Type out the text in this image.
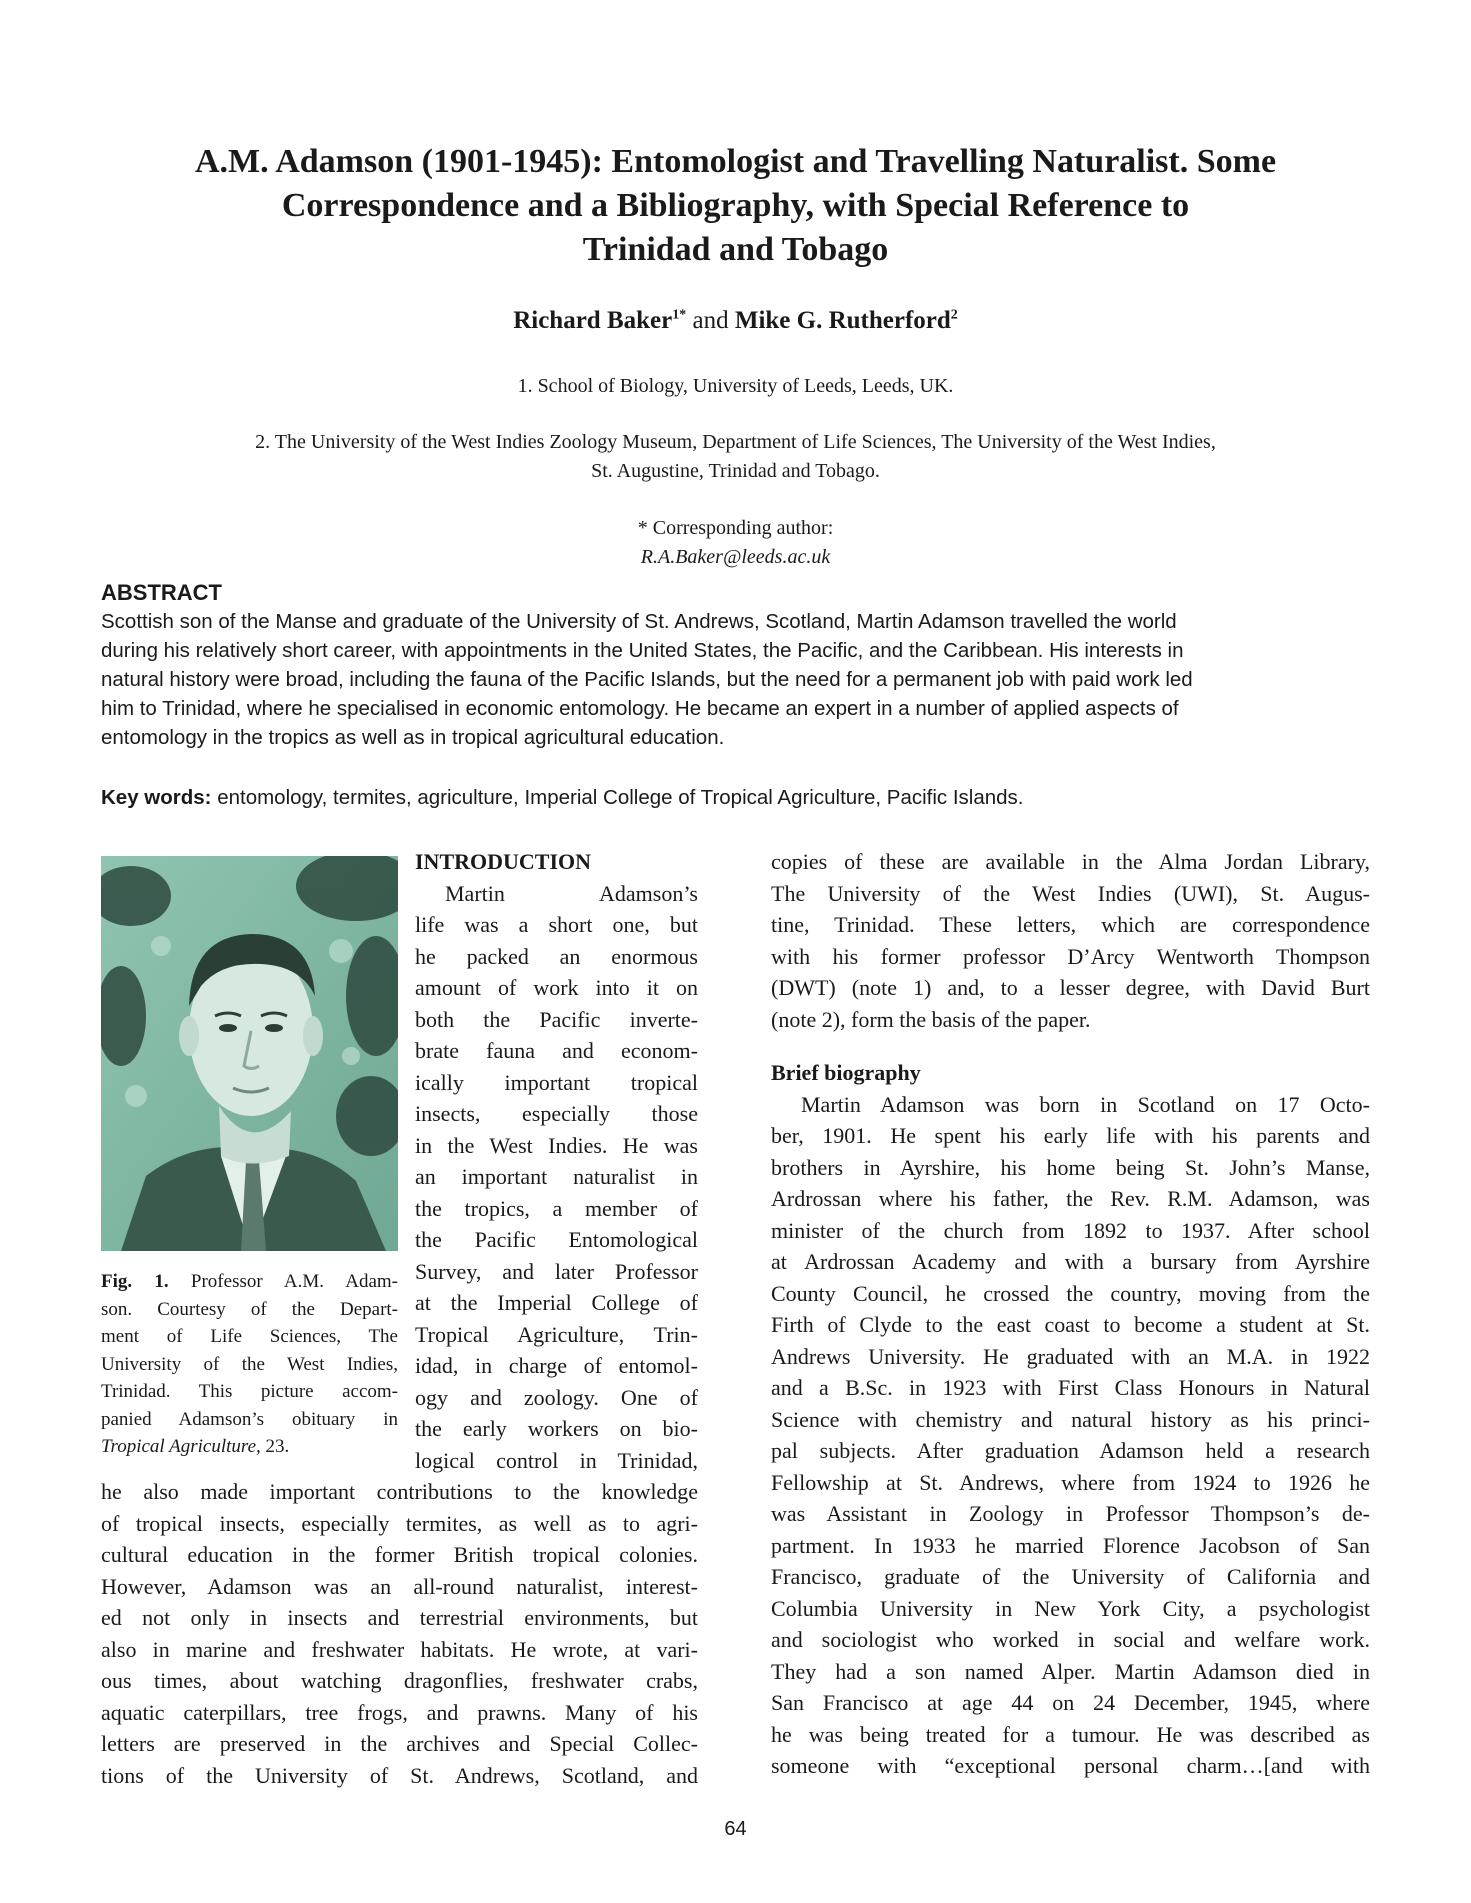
A.M. Adamson (1901-1945): Entomologist and Travelling Naturalist. Some
Correspondence and a Bibliography, with Special Reference to
Trinidad and Tobago
Richard Baker$^{1*}$ and Mike G. Rutherford$^2$
1. School of Biology, University of Leeds, Leeds, UK.
2. The University of the West Indies Zoology Museum, Department of Life Sciences, The University of the West Indies,
St. Augustine, Trinidad and Tobago.
* Corresponding author:
R.A.Baker@leeds.ac.uk
ABSTRACT
Scottish son of the Manse and graduate of the University of St. Andrews, Scotland, Martin Adamson travelled the world
during his relatively short career, with appointments in the United States, the Pacific, and the Caribbean. His interests in
natural history were broad, including the fauna of the Pacific Islands, but the need for a permanent job with paid work led
him to Trinidad, where he specialised in economic entomology. He became an expert in a number of applied aspects of
entomology in the tropics as well as in tropical agricultural education.
Key words: entomology, termites, agriculture, Imperial College of Tropical Agriculture, Pacific Islands.
Fig. 1. Professor A.M. Adam-
son. Courtesy of the Depart-
ment of Life Sciences, The
University of the West Indies,
Trinidad. This picture accom-
panied Adamson’s obituary in
Tropical Agriculture, 23.
INTRODUCTION
Martin Adamson’s
life was a short one, but
he packed an enormous
amount of work into it on
both the Pacific inverte-
brate fauna and econom-
ically important tropical
insects, especially those
in the West Indies. He was
an important naturalist in
the tropics, a member of
the Pacific Entomological
Survey, and later Professor
at the Imperial College of
Tropical Agriculture, Trin-
idad, in charge of entomol-
ogy and zoology. One of
the early workers on bio-
logical control in Trinidad,
he also made important contributions to the knowledge
of tropical insects, especially termites, as well as to agri-
cultural education in the former British tropical colonies.
However, Adamson was an all-round naturalist, interest-
ed not only in insects and terrestrial environments, but
also in marine and freshwater habitats. He wrote, at vari-
ous times, about watching dragonflies, freshwater crabs,
aquatic caterpillars, tree frogs, and prawns. Many of his
letters are preserved in the archives and Special Collec-
tions of the University of St. Andrews, Scotland, and
copies of these are available in the Alma Jordan Library,
The University of the West Indies (UWI), St. Augus-
tine, Trinidad. These letters, which are correspondence
with his former professor D’Arcy Wentworth Thompson
(DWT) (note 1) and, to a lesser degree, with David Burt
(note 2), form the basis of the paper.
Brief biography
Martin Adamson was born in Scotland on 17 Octo-
ber, 1901. He spent his early life with his parents and
brothers in Ayrshire, his home being St. John’s Manse,
Ardrossan where his father, the Rev. R.M. Adamson, was
minister of the church from 1892 to 1937. After school
at Ardrossan Academy and with a bursary from Ayrshire
County Council, he crossed the country, moving from the
Firth of Clyde to the east coast to become a student at St.
Andrews University. He graduated with an M.A. in 1922
and a B.Sc. in 1923 with First Class Honours in Natural
Science with chemistry and natural history as his princi-
pal subjects. After graduation Adamson held a research
Fellowship at St. Andrews, where from 1924 to 1926 he
was Assistant in Zoology in Professor Thompson’s de-
partment. In 1933 he married Florence Jacobson of San
Francisco, graduate of the University of California and
Columbia University in New York City, a psychologist
and sociologist who worked in social and welfare work.
They had a son named Alper. Martin Adamson died in
San Francisco at age 44 on 24 December, 1945, where
he was being treated for a tumour. He was described as
someone with “exceptional personal charm…[and with
64
